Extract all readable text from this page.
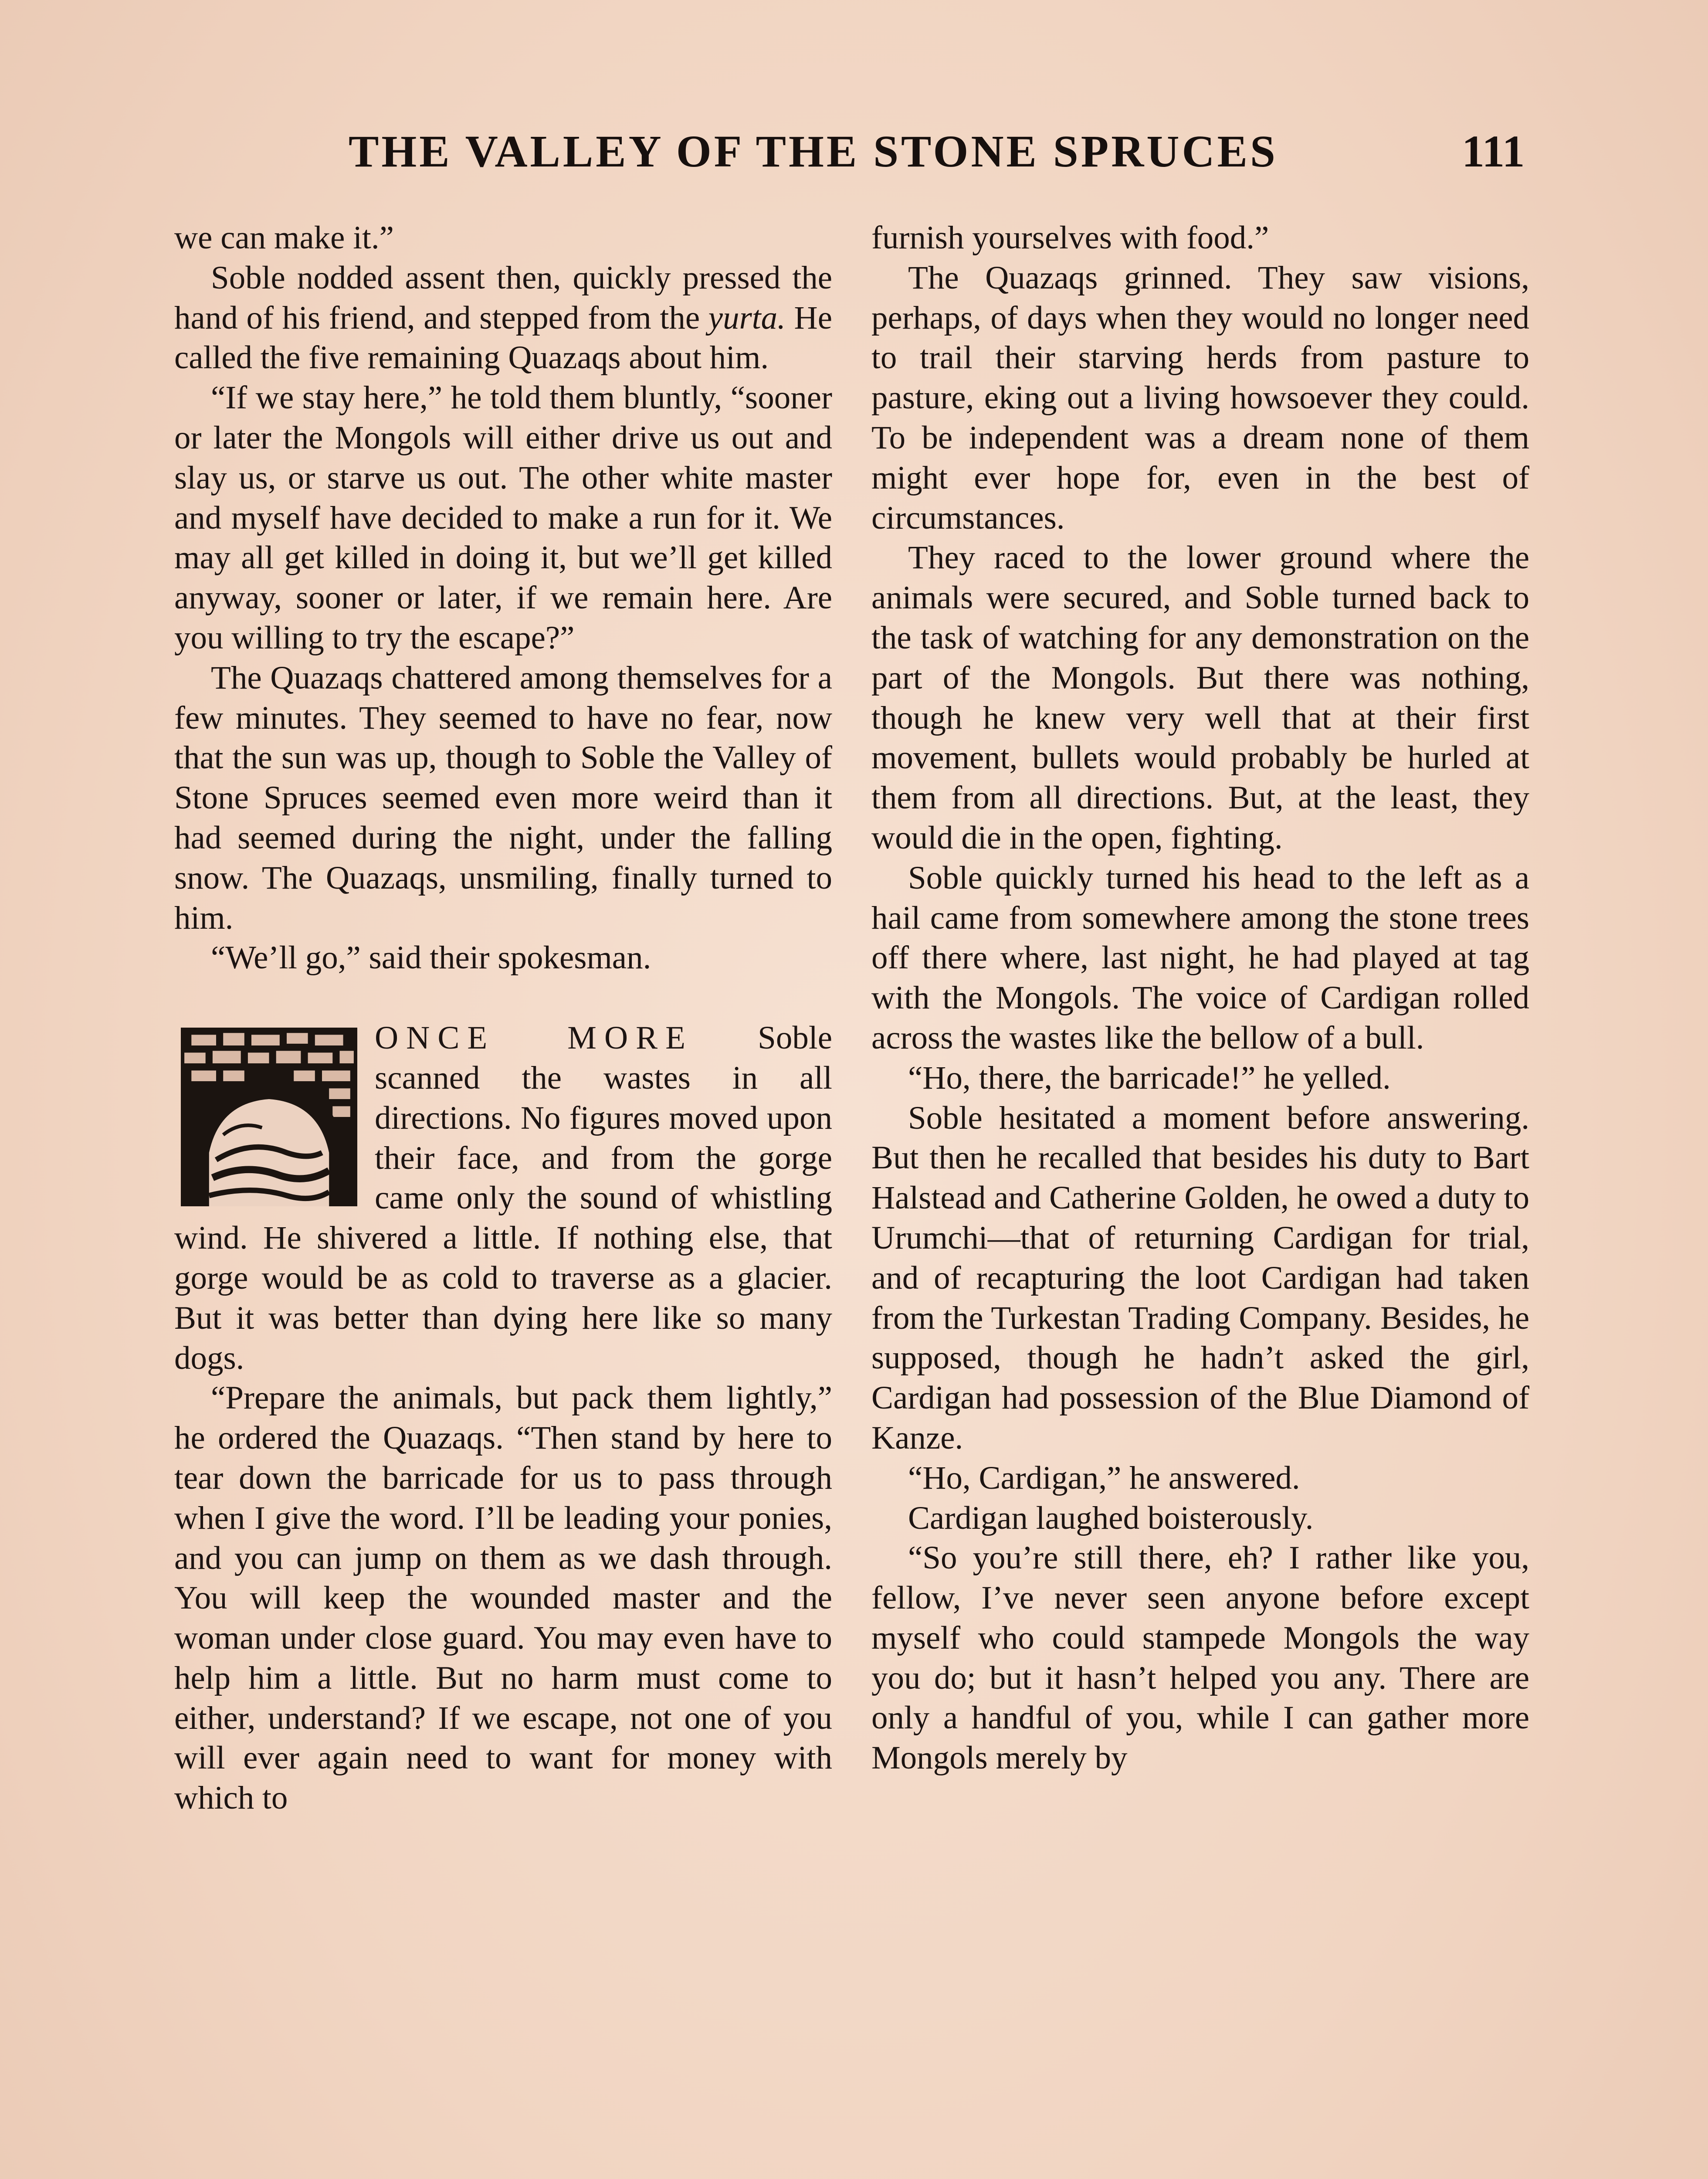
THE VALLEY OF THE STONE SPRUCES	111

we can make it.”

Soble nodded assent then, quickly pressed the hand of his friend, and stepped from the yurta. He called the five remaining Quazaqs about him.

“If we stay here,” he told them bluntly, “sooner or later the Mongols will either drive us out and slay us, or starve us out. The other white master and myself have decided to make a run for it. We may all get killed in doing it, but we’ll get killed anyway, sooner or later, if we remain here. Are you willing to try the escape?”

The Quazaqs chattered among themselves for a few minutes. They seemed to have no fear, now that the sun was up, though to Soble the Valley of Stone Spruces seemed even more weird than it had seemed during the night, under the falling snow. The Quazaqs, unsmiling, finally turned to him.

“We’ll go,” said their spokesman.

ONCE MORE Soble scanned the wastes in all directions. No figures moved upon their face, and from the gorge came only the sound of whistling wind. He shivered a little. If nothing else, that gorge would be as cold to traverse as a glacier. But it was better than dying here like so many dogs.

“Prepare the animals, but pack them lightly,” he ordered the Quazaqs. “Then stand by here to tear down the barricade for us to pass through when I give the word. I’ll be leading your ponies, and you can jump on them as we dash through. You will keep the wounded master and the woman under close guard. You may even have to help him a little. But no harm must come to either, understand? If we escape, not one of you will ever again need to want for money with which to

furnish yourselves with food.”

The Quazaqs grinned. They saw visions, perhaps, of days when they would no longer need to trail their starving herds from pasture to pasture, eking out a living howsoever they could. To be independent was a dream none of them might ever hope for, even in the best of circumstances.

They raced to the lower ground where the animals were secured, and Soble turned back to the task of watching for any demonstration on the part of the Mongols. But there was nothing, though he knew very well that at their first movement, bullets would probably be hurled at them from all directions. But, at the least, they would die in the open, fighting.

Soble quickly turned his head to the left as a hail came from somewhere among the stone trees off there where, last night, he had played at tag with the Mongols. The voice of Cardigan rolled across the wastes like the bellow of a bull.

“Ho, there, the barricade!” he yelled.

Soble hesitated a moment before answering. But then he recalled that besides his duty to Bart Halstead and Catherine Golden, he owed a duty to Urumchi—that of returning Cardigan for trial, and of recapturing the loot Cardigan had taken from the Turkestan Trading Company. Besides, he supposed, though he hadn’t asked the girl, Cardigan had possession of the Blue Diamond of Kanze.

“Ho, Cardigan,” he answered.

Cardigan laughed boisterously.

“So you’re still there, eh? I rather like you, fellow, I’ve never seen anyone before except myself who could stampede Mongols the way you do; but it hasn’t helped you any. There are only a handful of you, while I can gather more Mongols merely by
